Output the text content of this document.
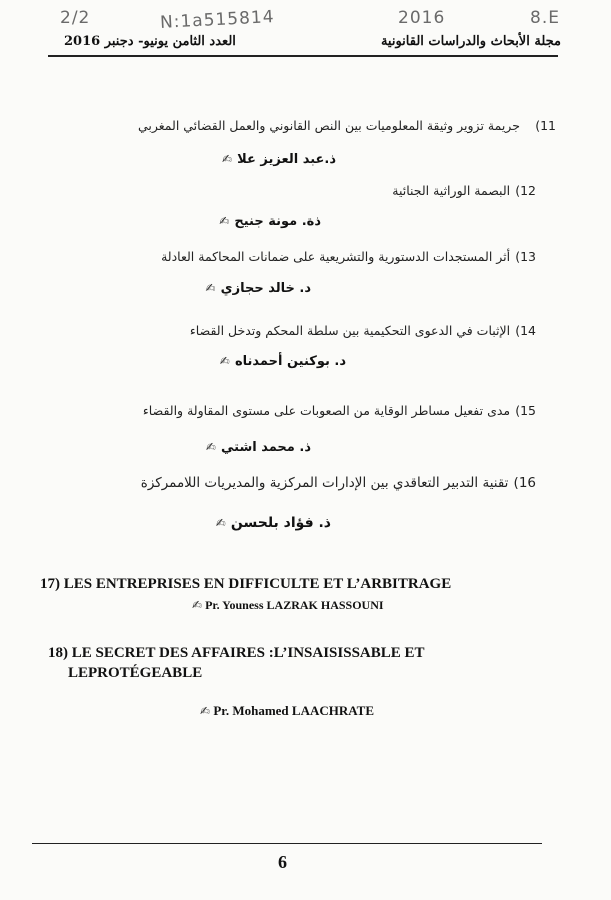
2/2	N:1a515814	2016	8.E
مجلة الأبحاث والدراسات القانونية
العدد الثامن يونيو- دجنبر 2016
11)   جريمة تزوير وثيقة المعلوميات بين النص القانوني والعمل القضائي المغربي
ذ.عبد العزيز علا ✍
12) البصمة الوراثية الجنائية
ذة. مونة جنيح ✍
13) أثر المستجدات الدستورية والتشريعية على ضمانات المحاكمة العادلة
د. خالد حجازي ✍
14) الإثبات في الدعوى التحكيمية بين سلطة المحكم وتدخل القضاء
د. بوكنين أحمدناه ✍
15) مدى تفعيل مساطر الوقاية من الصعوبات على مستوى المقاولة والقضاء
ذ. محمد اشتي ✍
16) تقنية التدبير التعاقدي بين الإدارات المركزية والمديريات اللاممركزة
ذ. فؤاد بلحسن ✍
17) LES ENTREPRISES EN DIFFICULTE ET L’ARBITRAGE
✍ Pr. Youness LAZRAK HASSOUNI
18) LE SECRET DES AFFAIRES :L’INSAISISSABLE ET
LEPROTÉGEABLE
✍ Pr. Mohamed LAACHRATE
6
